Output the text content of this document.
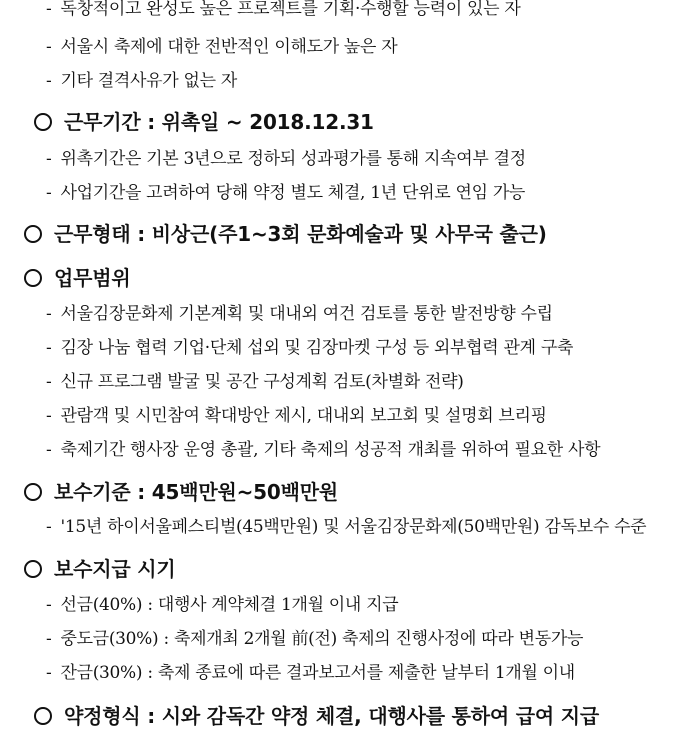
- 독창적이고 완성도 높은 프로젝트를 기획·수행할 능력이 있는 자
- 서울시 축제에 대한 전반적인 이해도가 높은 자
- 기타 결격사유가 없는 자
근무기간 : 위촉일 ~ 2018.12.31
- 위촉기간은 기본 3년으로 정하되 성과평가를 통해 지속여부 결정
- 사업기간을 고려하여 당해 약정 별도 체결, 1년 단위로 연임 가능
근무형태 : 비상근(주1~3회 문화예술과 및 사무국 출근)
업무범위
- 서울김장문화제 기본계획 및 대내외 여건 검토를 통한 발전방향 수립
- 김장 나눔 협력 기업·단체 섭외 및 김장마켓 구성 등 외부협력 관계 구축
- 신규 프로그램 발굴 및 공간 구성계획 검토(차별화 전략)
- 관람객 및 시민참여 확대방안 제시, 대내외 보고회 및 설명회 브리핑
- 축제기간 행사장 운영 총괄, 기타 축제의 성공적 개최를 위하여 필요한 사항
보수기준 : 45백만원~50백만원
- '15년 하이서울페스티벌(45백만원) 및 서울김장문화제(50백만원) 감독보수 수준
보수지급 시기
- 선금(40%) : 대행사 계약체결 1개월 이내 지급
- 중도금(30%) : 축제개최 2개월 前(전) 축제의 진행사정에 따라 변동가능
- 잔금(30%) : 축제 종료에 따른 결과보고서를 제출한 날부터 1개월 이내
약정형식 : 시와 감독간 약정 체결, 대행사를 통하여 급여 지급
